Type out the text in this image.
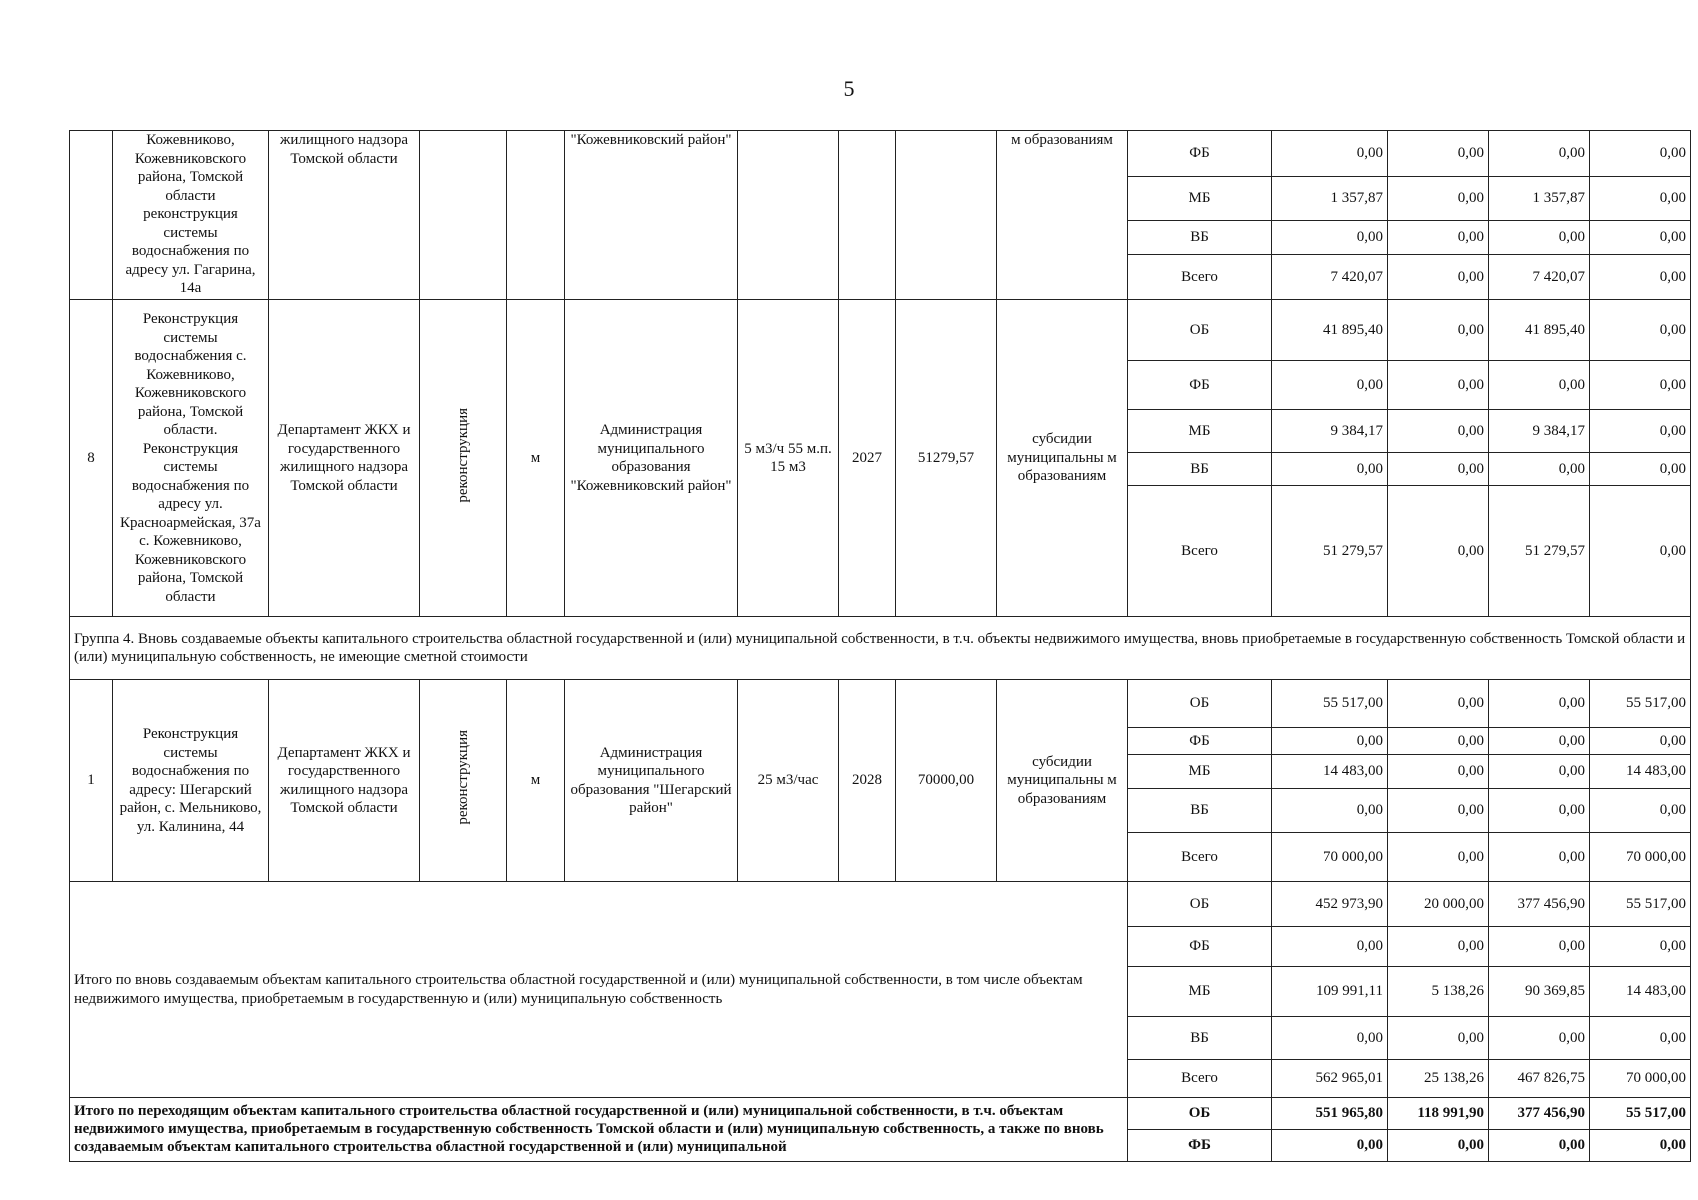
5
	Кожевниково, Кожевниковского района, Томской области реконструкция системы водоснабжения по адресу ул. Гагарина, 14а	жилищного надзора Томской области			"Кожевниковский район"				м образованиям	ФБ	0,00	0,00	0,00	0,00
										МБ	1 357,87	0,00	1 357,87	0,00
										ВБ	0,00	0,00	0,00	0,00
										Всего	7 420,07	0,00	7 420,07	0,00
8	Реконструкция системы водоснабжения с. Кожевниково, Кожевниковского района, Томской области. Реконструкция системы водоснабжения по адресу ул. Красноармейская, 37а с. Кожевниково, Кожевниковского района, Томской области	Департамент ЖКХ и государственного жилищного надзора Томской области	реконструкция	м	Администрация муниципального образования "Кожевниковский район"	5 м3/ч 55 м.п. 15 м3	2027	51279,57	субсидии муниципальны м образованиям	ОБ	41 895,40	0,00	41 895,40	0,00
										ФБ	0,00	0,00	0,00	0,00
										МБ	9 384,17	0,00	9 384,17	0,00
										ВБ	0,00	0,00	0,00	0,00
										Всего	51 279,57	0,00	51 279,57	0,00
Группа 4. Вновь создаваемые объекты капитального строительства областной государственной и (или) муниципальной собственности, в т.ч. объекты недвижимого имущества, вновь приобретаемые в государственную собственность Томской области и (или) муниципальную собственность, не имеющие сметной стоимости														
1	Реконструкция системы водоснабжения по адресу: Шегарский район, с. Мельниково, ул. Калинина, 44	Департамент ЖКХ и государственного жилищного надзора Томской области	реконструкция	м	Администрация муниципального образования "Шегарский район"	25 м3/час	2028	70000,00	субсидии муниципальны м образованиям	ОБ	55 517,00	0,00	0,00	55 517,00
										ФБ	0,00	0,00	0,00	0,00
										МБ	14 483,00	0,00	0,00	14 483,00
										ВБ	0,00	0,00	0,00	0,00
										Всего	70 000,00	0,00	0,00	70 000,00
Итого по вновь создаваемым объектам капитального строительства областной государственной и (или) муниципальной собственности, в том числе объектам недвижимого имущества, приобретаемым в государственную и (или) муниципальную собственность										ОБ	452 973,90	20 000,00	377 456,90	55 517,00
										ФБ	0,00	0,00	0,00	0,00
										МБ	109 991,11	5 138,26	90 369,85	14 483,00
										ВБ	0,00	0,00	0,00	0,00
										Всего	562 965,01	25 138,26	467 826,75	70 000,00
Итого по переходящим объектам капитального строительства областной государственной и (или) муниципальной собственности, в т.ч. объектам недвижимого имущества, приобретаемым в государственную собственность Томской области и (или) муниципальную собственность, а также по вновь создаваемым объектам капитального строительства областной государственной и (или) муниципальной										ОБ	551 965,80	118 991,90	377 456,90	55 517,00
										ФБ	0,00	0,00	0,00	0,00
